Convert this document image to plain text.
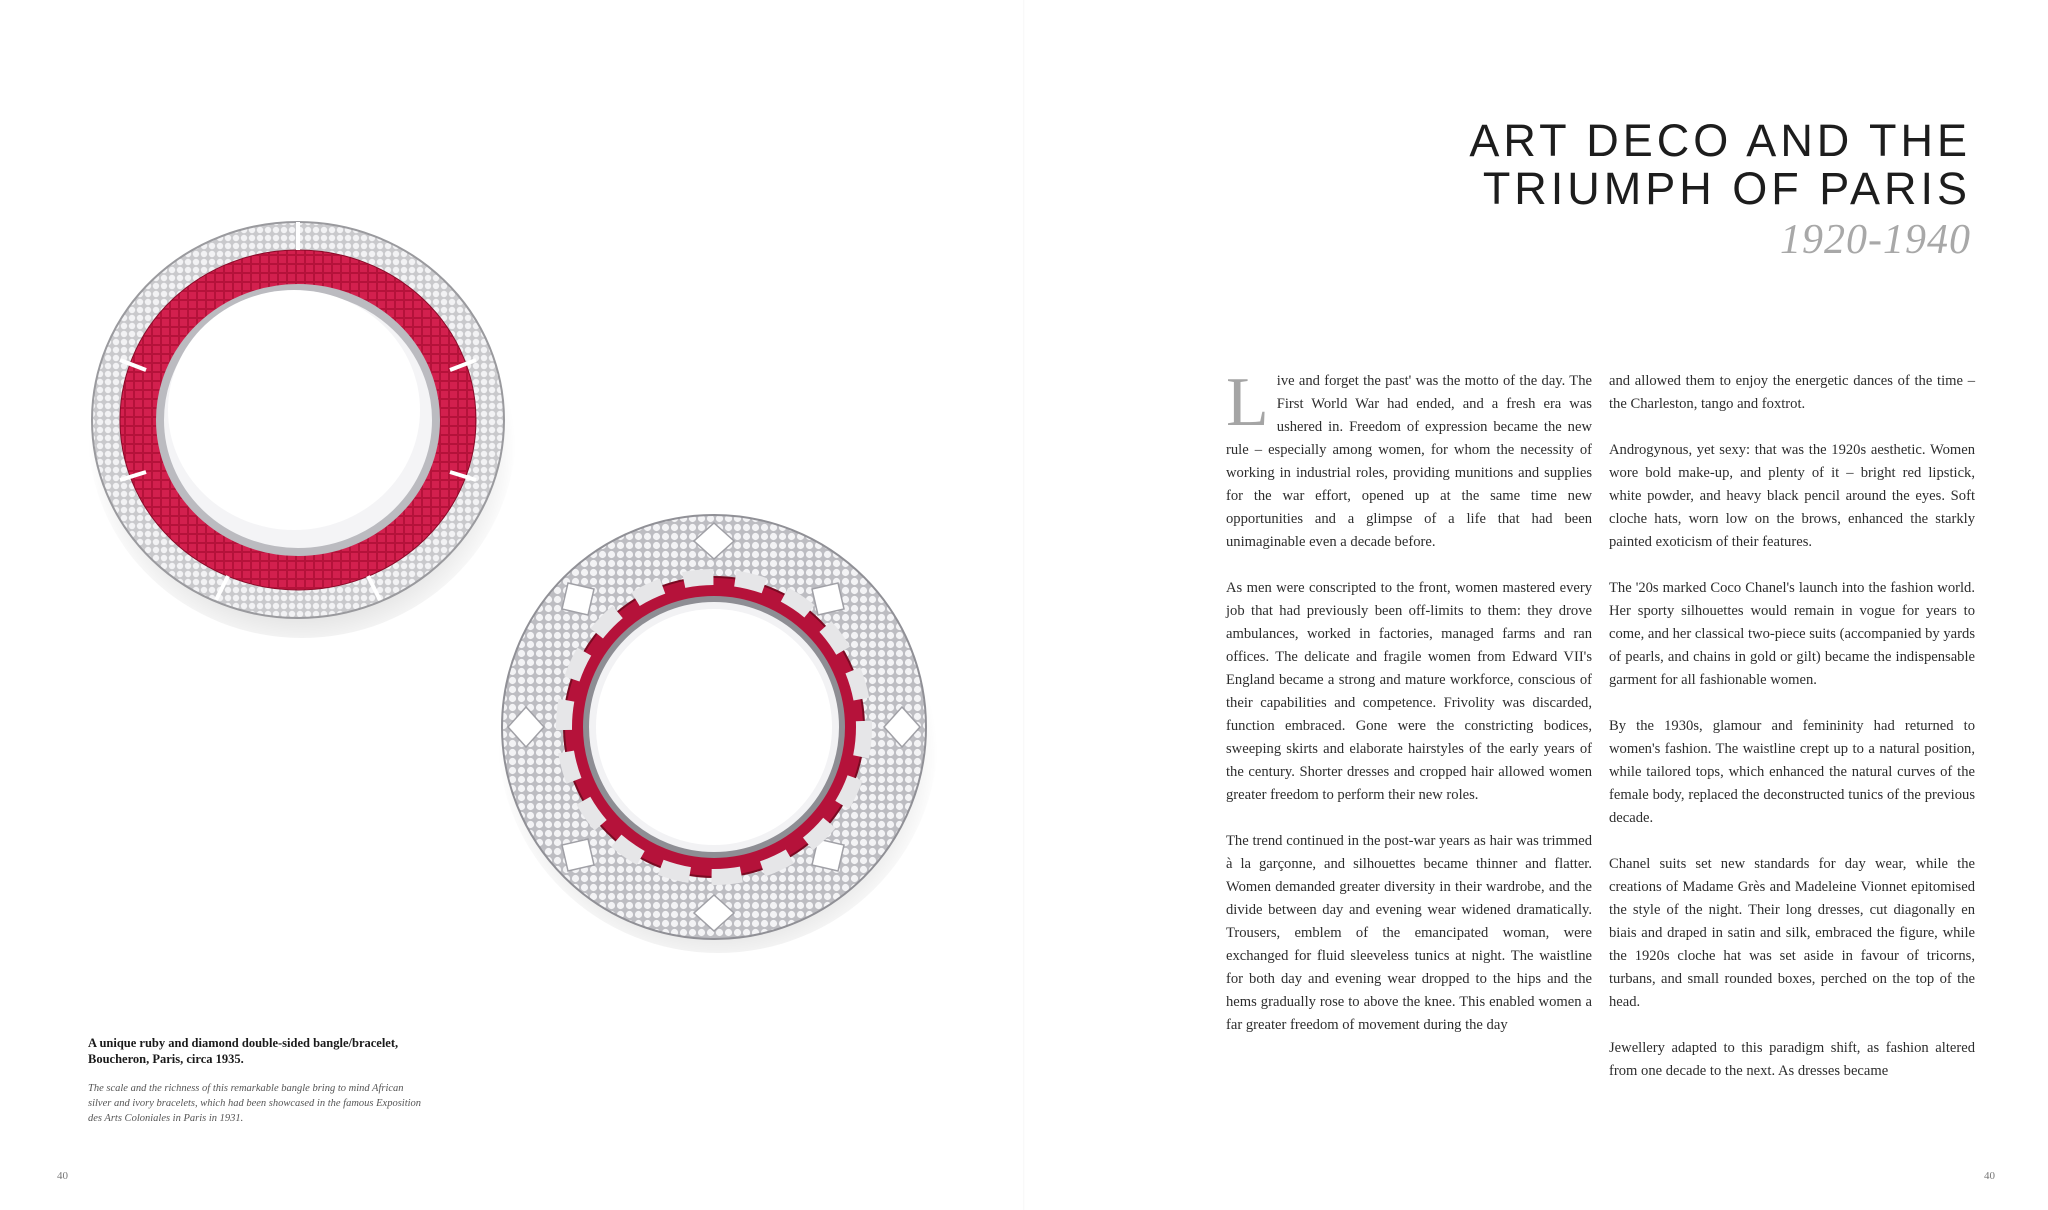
A unique ruby and diamond double-sided bangle/bracelet, Boucheron, Paris, circa 1935.

The scale and the richness of this remarkable bangle bring to mind African silver and ivory bracelets, which had been showcased in the famous Exposition des Arts Coloniales in Paris in 1931.

40	40
ART DECO AND THE
TRIUMPH OF PARIS
1920-1940

Live and forget the past' was the motto of the day. The First World War had ended, and a fresh era was ushered in. Freedom of expression became the new rule – especially among women, for whom the necessity of working in industrial roles, providing munitions and supplies for the war effort, opened up at the same time new opportunities and a glimpse of a life that had been unimaginable even a decade before.

As men were conscripted to the front, women mastered every job that had previously been off-limits to them: they drove ambulances, worked in factories, managed farms and ran offices. The delicate and fragile women from Edward VII's England became a strong and mature workforce, conscious of their capabilities and competence. Frivolity was discarded, function embraced. Gone were the constricting bodices, sweeping skirts and elaborate hairstyles of the early years of the century. Shorter dresses and cropped hair allowed women greater freedom to perform their new roles.

The trend continued in the post-war years as hair was trimmed à la garçonne, and silhouettes became thinner and flatter. Women demanded greater diversity in their wardrobe, and the divide between day and evening wear widened dramatically. Trousers, emblem of the emancipated woman, were exchanged for fluid sleeveless tunics at night. The waistline for both day and evening wear dropped to the hips and the hems gradually rose to above the knee. This enabled women a far greater freedom of movement during the day

and allowed them to enjoy the energetic dances of the time – the Charleston, tango and foxtrot.

Androgynous, yet sexy: that was the 1920s aesthetic. Women wore bold make-up, and plenty of it – bright red lipstick, white powder, and heavy black pencil around the eyes. Soft cloche hats, worn low on the brows, enhanced the starkly painted exoticism of their features.

The '20s marked Coco Chanel's launch into the fashion world. Her sporty silhouettes would remain in vogue for years to come, and her classical two-piece suits (accompanied by yards of pearls, and chains in gold or gilt) became the indispensable garment for all fashionable women.

By the 1930s, glamour and femininity had returned to women's fashion. The waistline crept up to a natural position, while tailored tops, which enhanced the natural curves of the female body, replaced the deconstructed tunics of the previous decade.

Chanel suits set new standards for day wear, while the creations of Madame Grès and Madeleine Vionnet epitomised the style of the night. Their long dresses, cut diagonally en biais and draped in satin and silk, embraced the figure, while the 1920s cloche hat was set aside in favour of tricorns, turbans, and small rounded boxes, perched on the top of the head.

Jewellery adapted to this paradigm shift, as fashion altered from one decade to the next. As dresses became
